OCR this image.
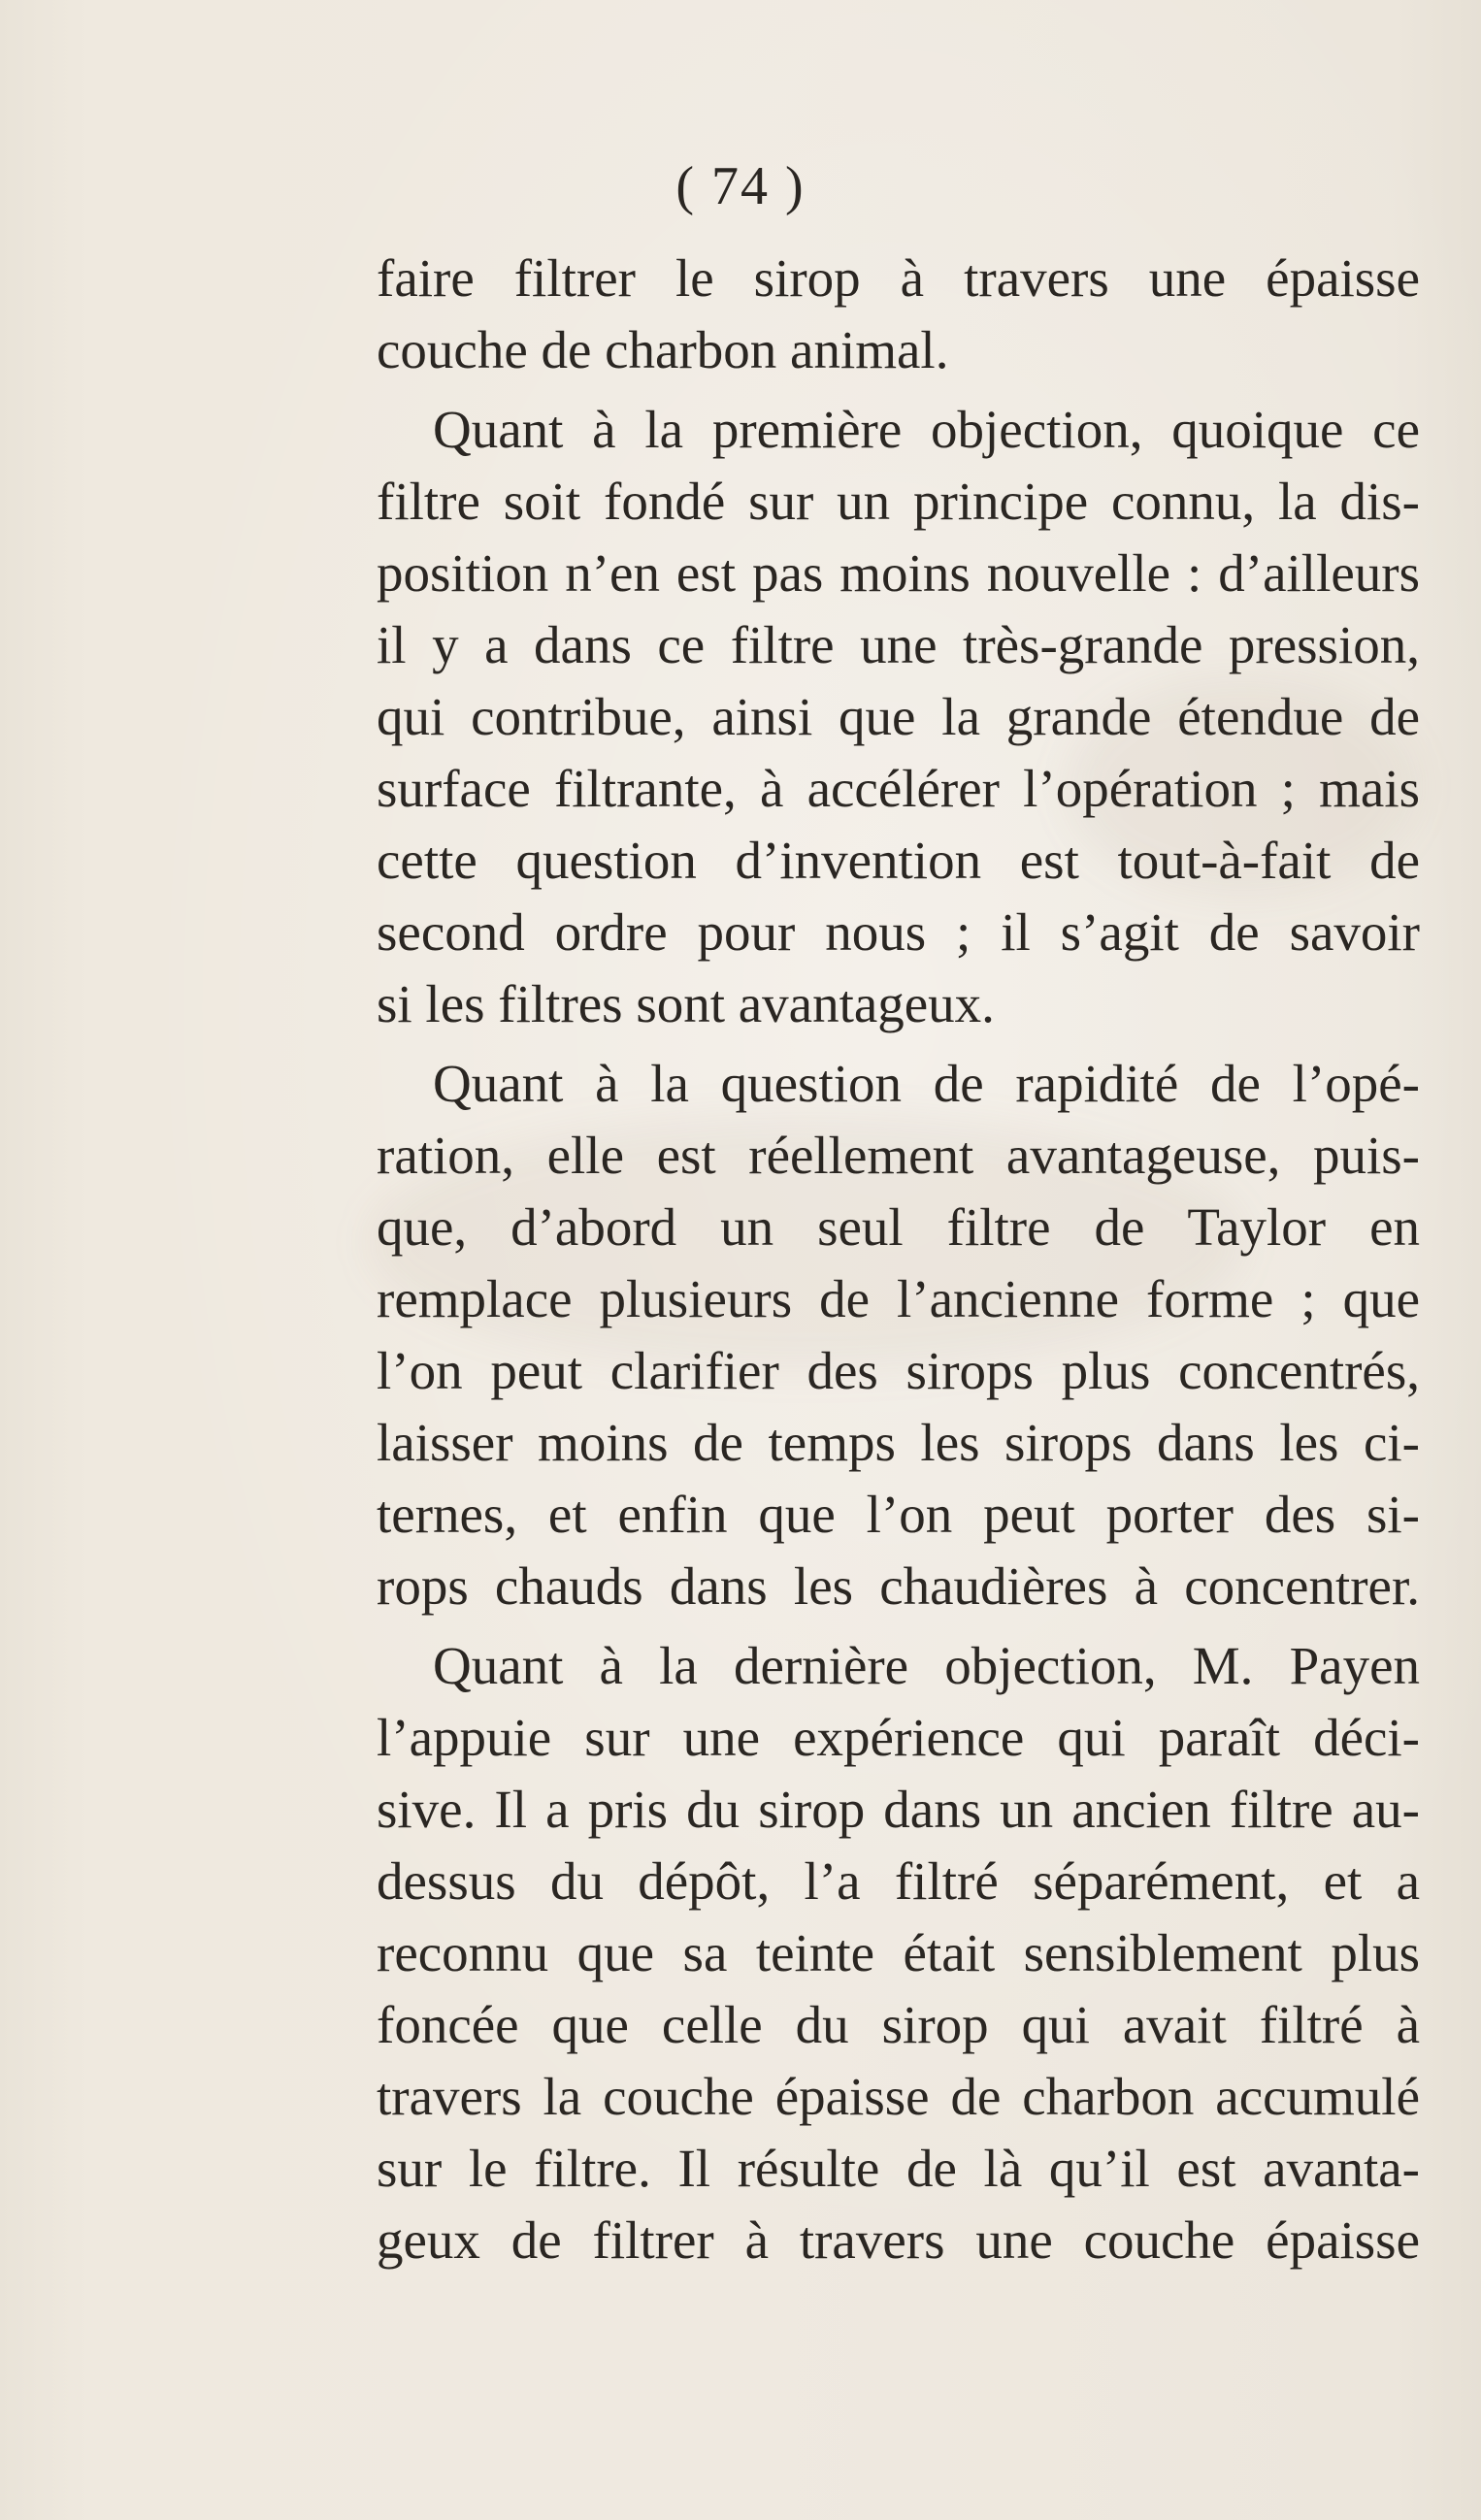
( 74 )
faire filtrer le sirop à travers une épaisse
couche de charbon animal.
Quant à la première objection, quoique ce
filtre soit fondé sur un principe connu, la dis-
position n’en est pas moins nouvelle : d’ailleurs
il y a dans ce filtre une très-grande pression,
qui contribue, ainsi que la grande étendue de
surface filtrante, à accélérer l’opération ; mais
cette question d’invention est tout-à-fait de
second ordre pour nous ; il s’agit de savoir
si les filtres sont avantageux.
Quant à la question de rapidité de l’opé-
ration, elle est réellement avantageuse, puis-
que, d’abord un seul filtre de Taylor en
remplace plusieurs de l’ancienne forme ; que
l’on peut clarifier des sirops plus concentrés,
laisser moins de temps les sirops dans les ci-
ternes, et enfin que l’on peut porter des si-
rops chauds dans les chaudières à concentrer.
Quant à la dernière objection, M. Payen
l’appuie sur une expérience qui paraît déci-
sive. Il a pris du sirop dans un ancien filtre au-
dessus du dépôt, l’a filtré séparément, et a
reconnu que sa teinte était sensiblement plus
foncée que celle du sirop qui avait filtré à
travers la couche épaisse de charbon accumulé
sur le filtre. Il résulte de là qu’il est avanta-
geux de filtrer à travers une couche épaisse
